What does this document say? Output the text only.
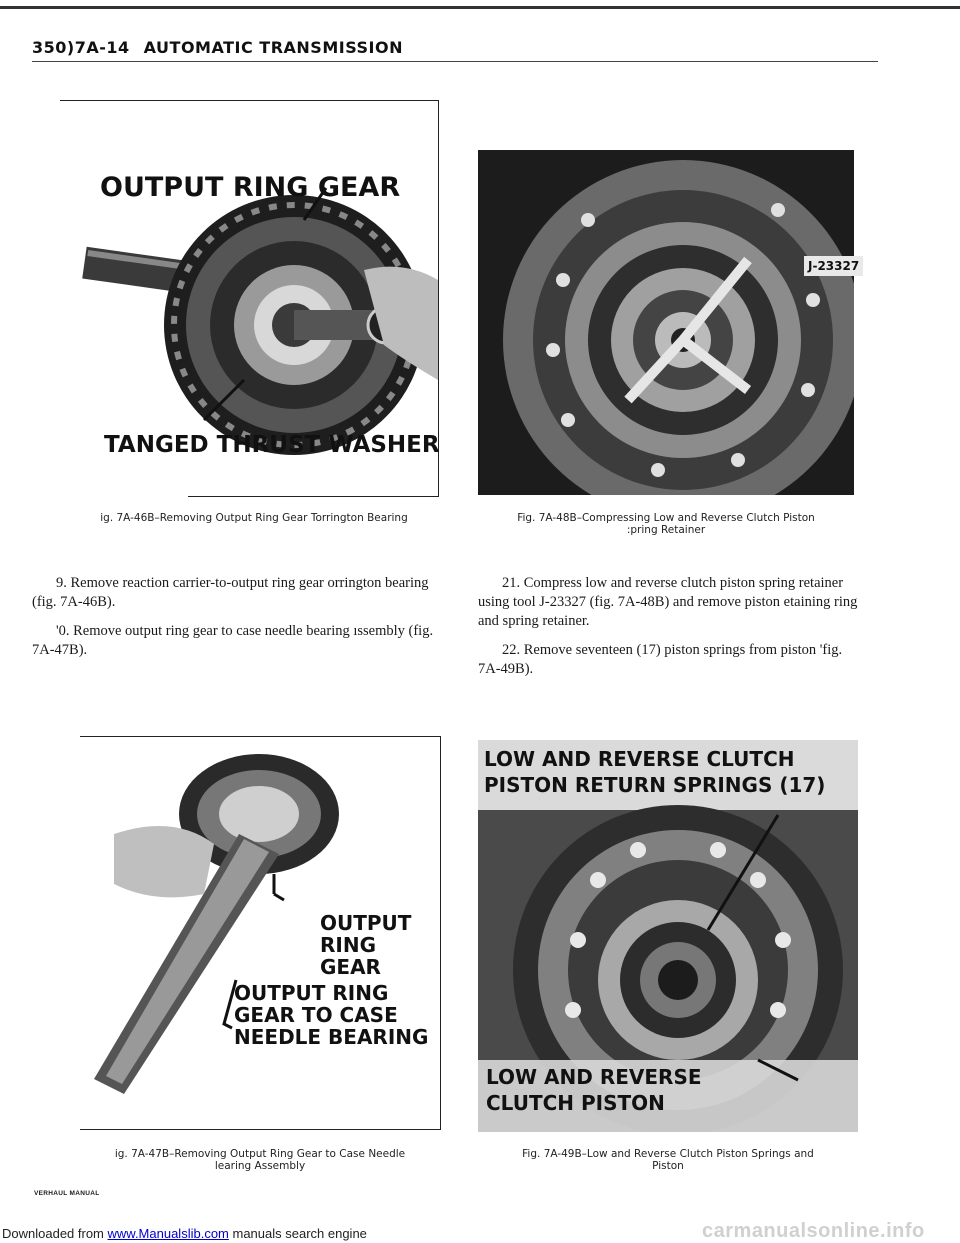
350)7A-14 AUTOMATIC TRANSMISSION
OUTPUT RING GEAR
TANGED THRUST WASHER
ig. 7A-46B–Removing Output Ring Gear Torrington Bearing
J-23327
Fig. 7A-48B–Compressing Low and Reverse Clutch Piston
:pring Retainer

9. Remove reaction carrier-to-output ring gear orrington bearing (fig. 7A-46B).

'0. Remove output ring gear to case needle bearing ıssembly (fig. 7A-47B).

21. Compress low and reverse clutch piston spring retainer using tool J-23327 (fig. 7A-48B) and remove piston etaining ring and spring retainer.

22. Remove seventeen (17) piston springs from piston 'fig. 7A-49B).

OUTPUT
RING
GEAR
OUTPUT RING
GEAR TO CASE
NEEDLE BEARING
ig. 7A-47B–Removing Output Ring Gear to Case Needle
learing Assembly
LOW AND REVERSE CLUTCH
PISTON RETURN SPRINGS (17)
LOW AND REVERSE
CLUTCH PISTON
Fig. 7A-49B–Low and Reverse Clutch Piston Springs and
Piston
VERHAUL MANUAL
Downloaded from www.Manualslib.com manuals search engine	carmanualsonline.info
